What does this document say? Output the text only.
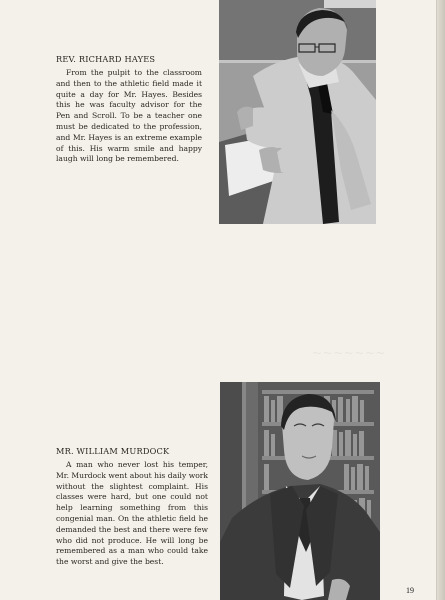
REV. RICHARD HAYES

From the pulpit to the classroom and then to the athletic field made it quite a day for Mr. Hayes. Besides this he was faculty advisor for the Pen and Scroll. To be a teacher one must be dedicated to the profession, and Mr. Hayes is an extreme example of this. His warm smile and happy laugh will long be remembered.

~~~~~~~
MR. WILLIAM MURDOCK

A man who never lost his temper, Mr. Murdock went about his daily work without the slightest complaint. His classes were hard, but one could not help learning something from this congenial man. On the athletic field he demanded the best and there were few who did not produce. He will long be remembered as a man who could take the worst and give the best.

19
